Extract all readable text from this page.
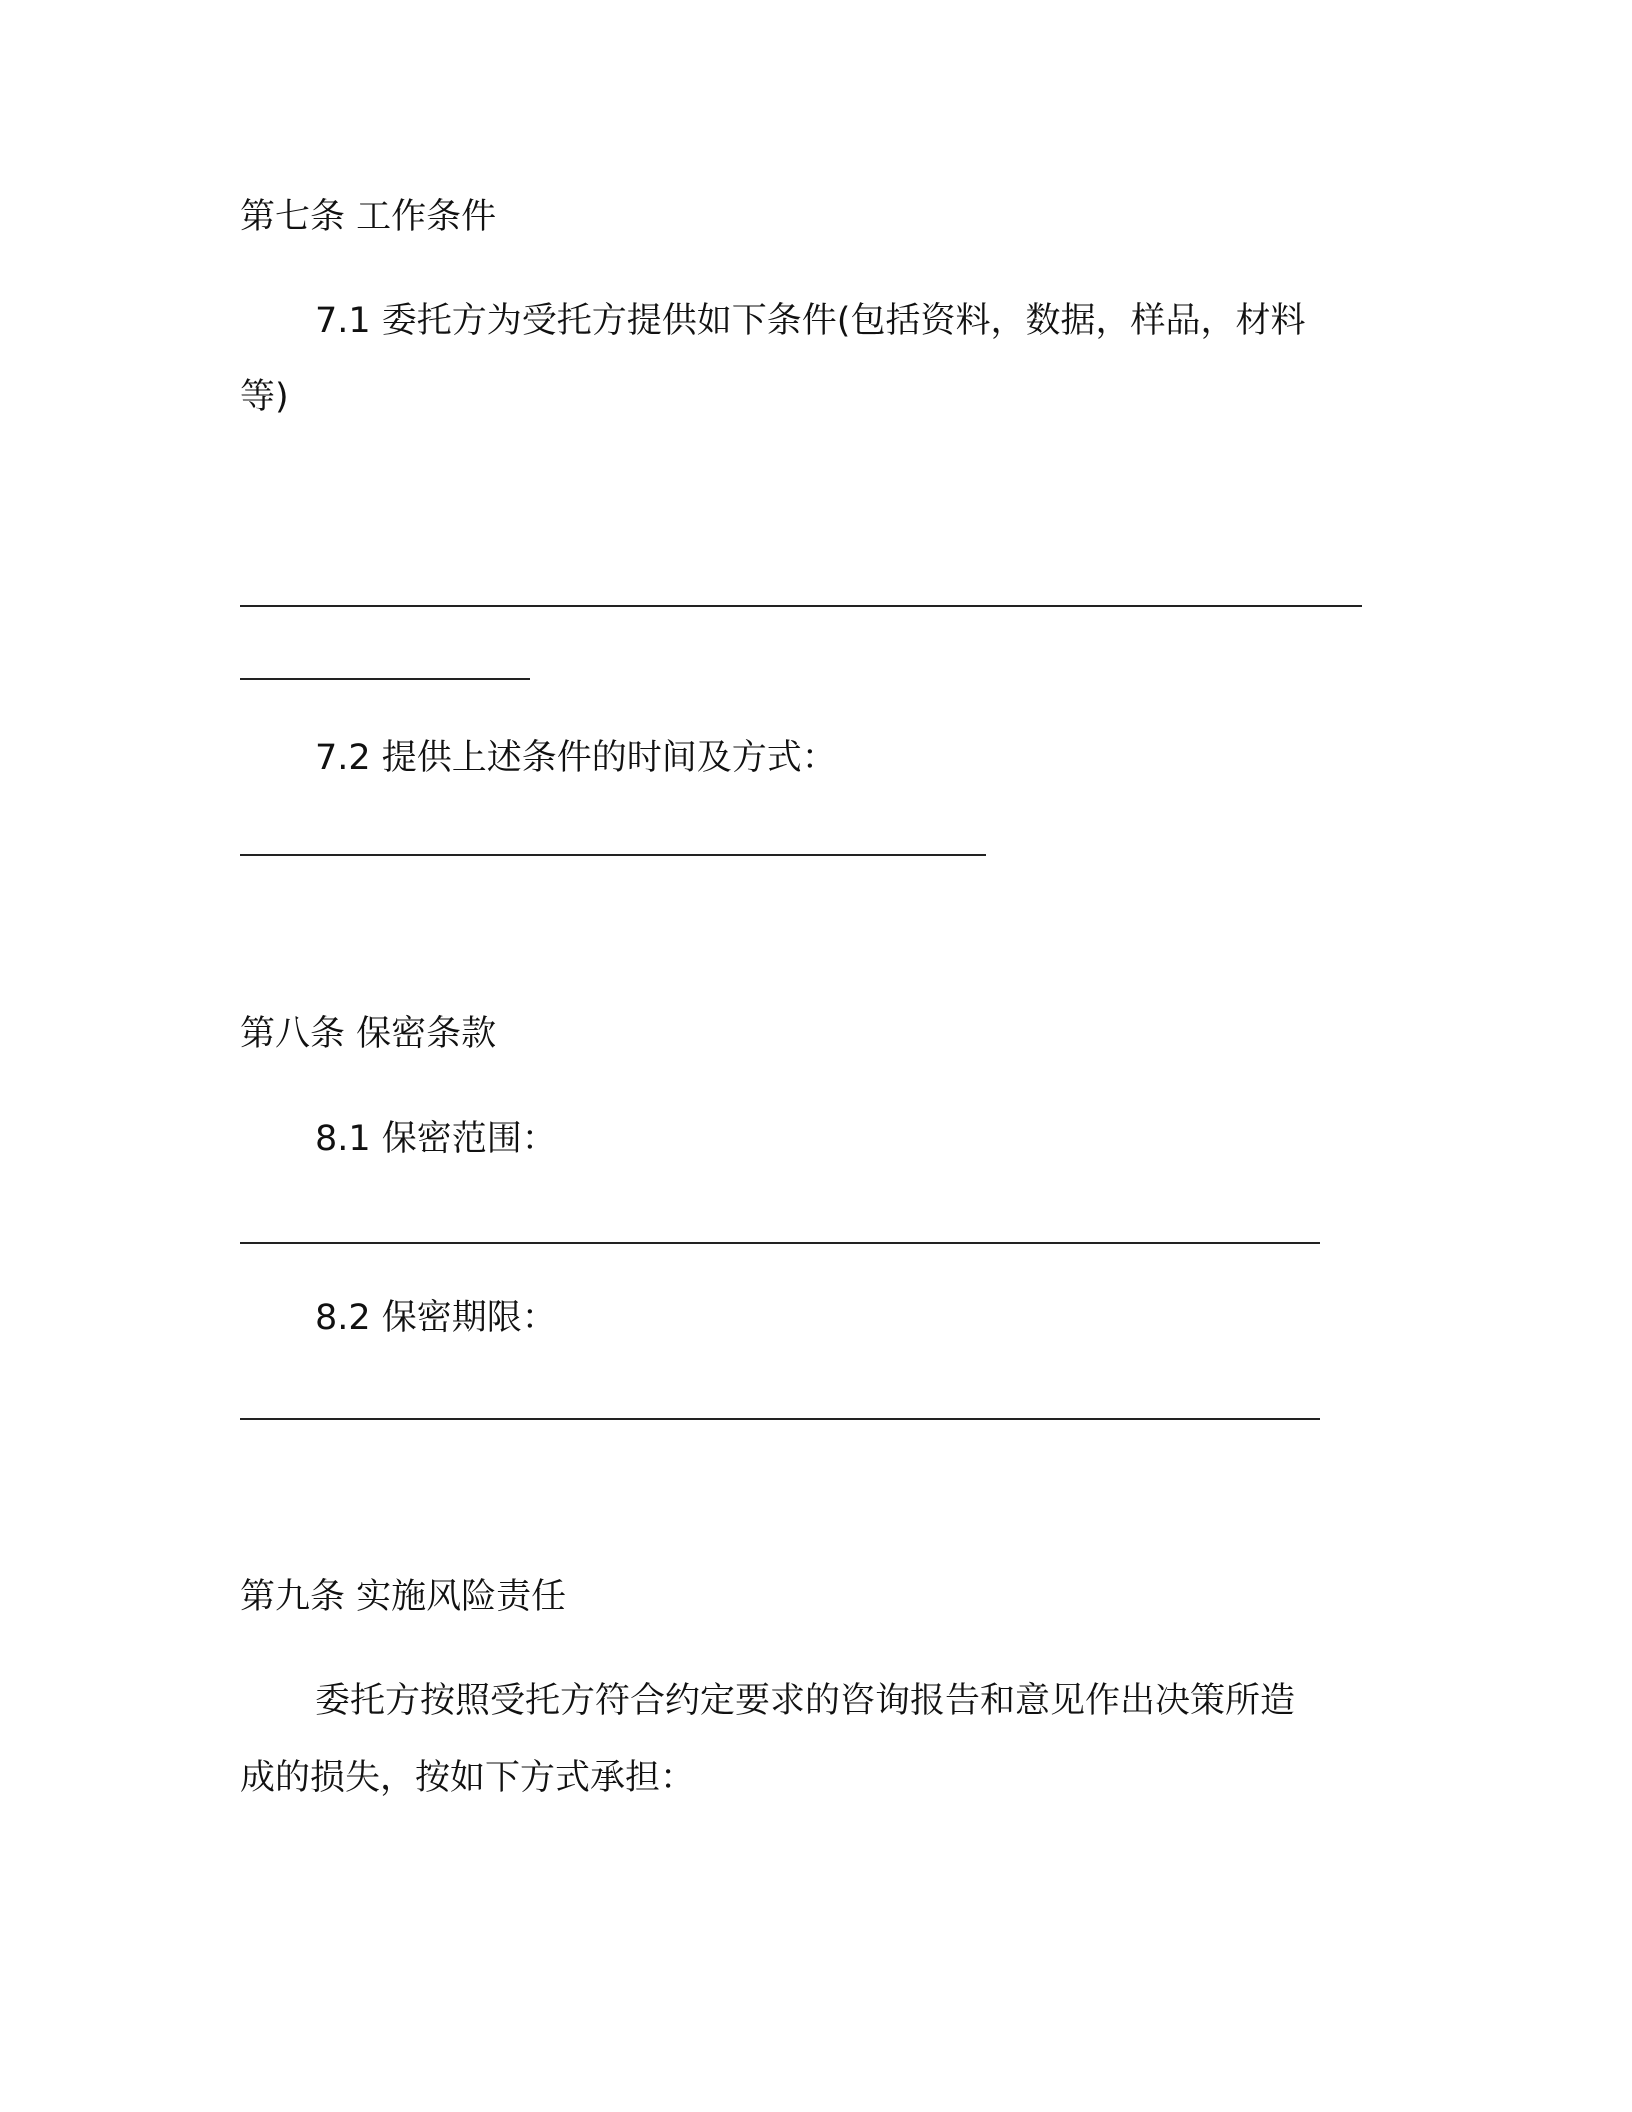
第七条 工作条件
7.1 委托方为受托方提供如下条件(包括资料，数据，样品，材料
等)
7.2 提供上述条件的时间及方式：
第八条 保密条款
8.1 保密范围：
8.2 保密期限：
第九条 实施风险责任
委托方按照受托方符合约定要求的咨询报告和意见作出决策所造
成的损失，按如下方式承担：
